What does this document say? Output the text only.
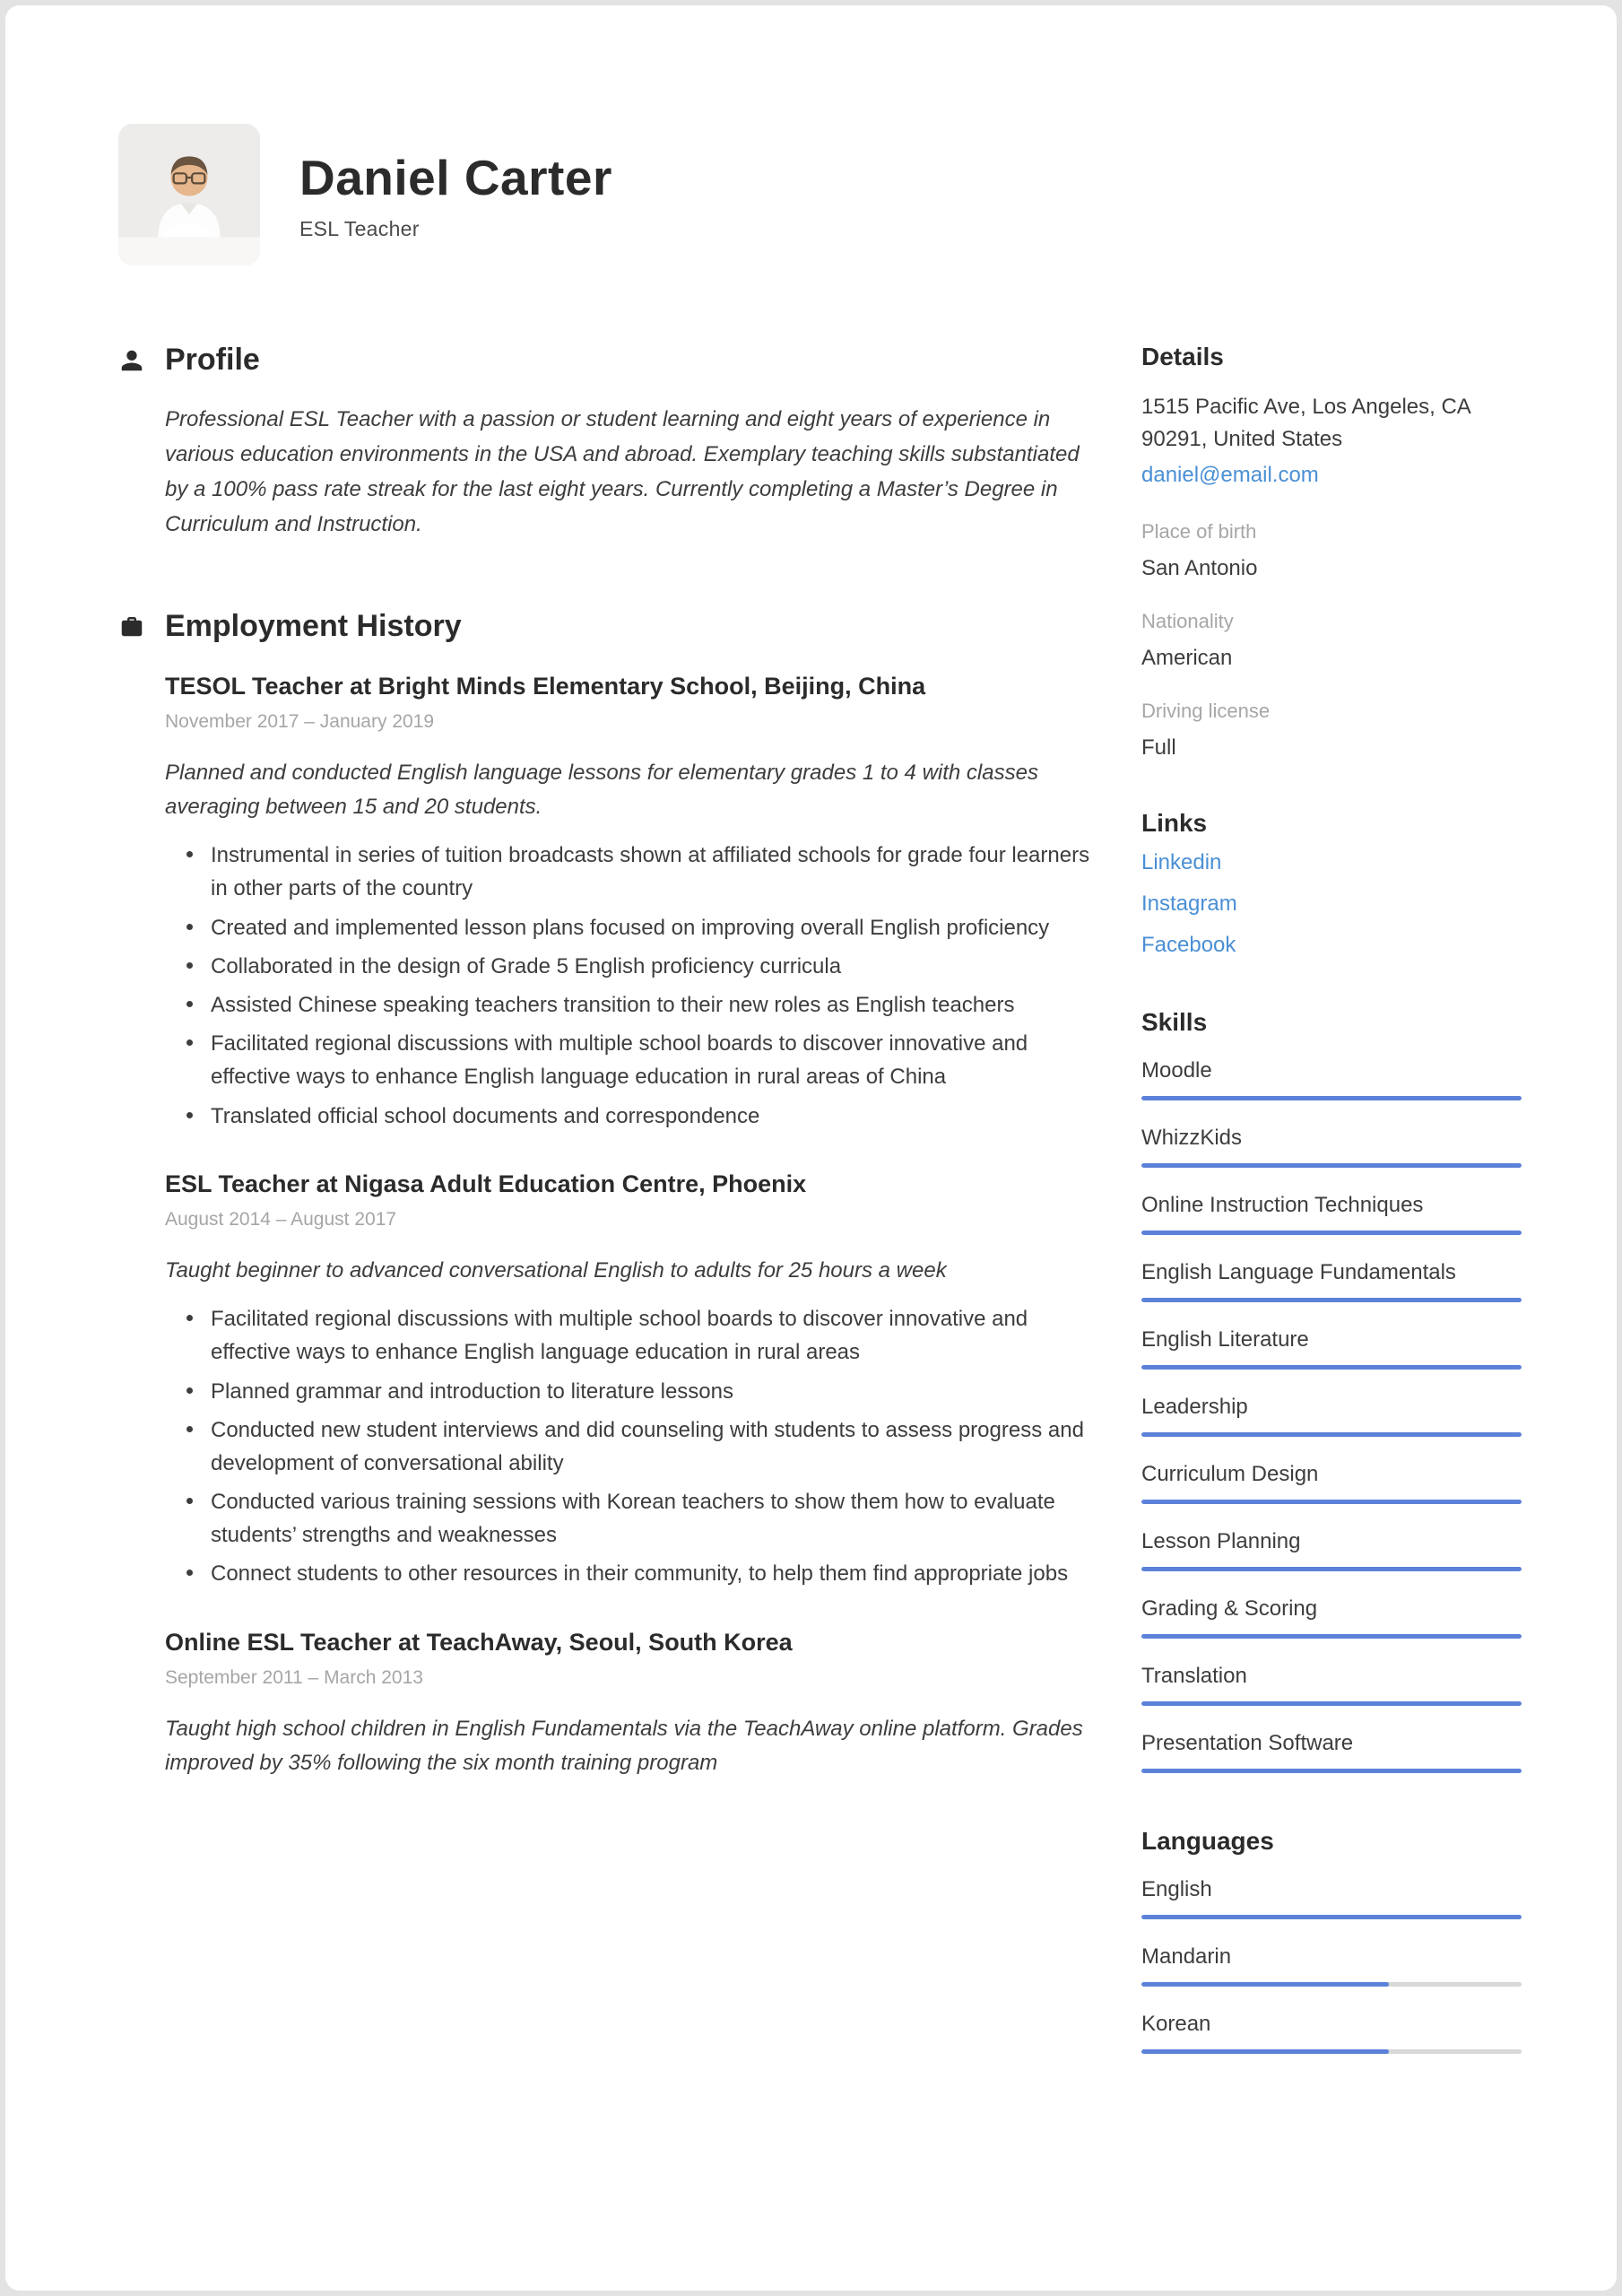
Daniel Carter
ESL Teacher
Profile

Professional ESL Teacher with a passion or student learning and eight years of experience in various education environments in the USA and abroad. Exemplary teaching skills substantiated by a 100% pass rate streak for the last eight years. Currently completing a Master’s Degree in Curriculum and Instruction.

Employment History
TESOL Teacher at Bright Minds Elementary School, Beijing, China
November 2017 – January 2019

Planned and conducted English language lessons for elementary grades 1 to 4 with classes averaging between 15 and 20 students.

Instrumental in series of tuition broadcasts shown at affiliated schools for grade four learners in other parts of the country
Created and implemented lesson plans focused on improving overall English proficiency
Collaborated in the design of Grade 5 English proficiency curricula
Assisted Chinese speaking teachers transition to their new roles as English teachers
Facilitated regional discussions with multiple school boards to discover innovative and effective ways to enhance English language education in rural areas of China
Translated official school documents and correspondence
ESL Teacher at Nigasa Adult Education Centre, Phoenix
August 2014 – August 2017

Taught beginner to advanced conversational English to adults for 25 hours a week

Facilitated regional discussions with multiple school boards to discover innovative and effective ways to enhance English language education in rural areas
Planned grammar and introduction to literature lessons
Conducted new student interviews and did counseling with students to assess progress and development of conversational ability
Conducted various training sessions with Korean teachers to show them how to evaluate students’ strengths and weaknesses
Connect students to other resources in their community, to help them find appropriate jobs
Online ESL Teacher at TeachAway, Seoul, South Korea
September 2011 – March 2013

Taught high school children in English Fundamentals via the TeachAway online platform. Grades improved by 35% following the six month training program

Details

1515 Pacific Ave, Los Angeles, CA 90291, United States

daniel@email.com
Place of birth
San Antonio
Nationality
American
Driving license
Full
Links
Linkedin
Instagram
Facebook
Skills
Moodle
WhizzKids
Online Instruction Techniques
English Language Fundamentals
English Literature
Leadership
Curriculum Design
Lesson Planning
Grading & Scoring
Translation
Presentation Software
Languages
English
Mandarin
Korean
